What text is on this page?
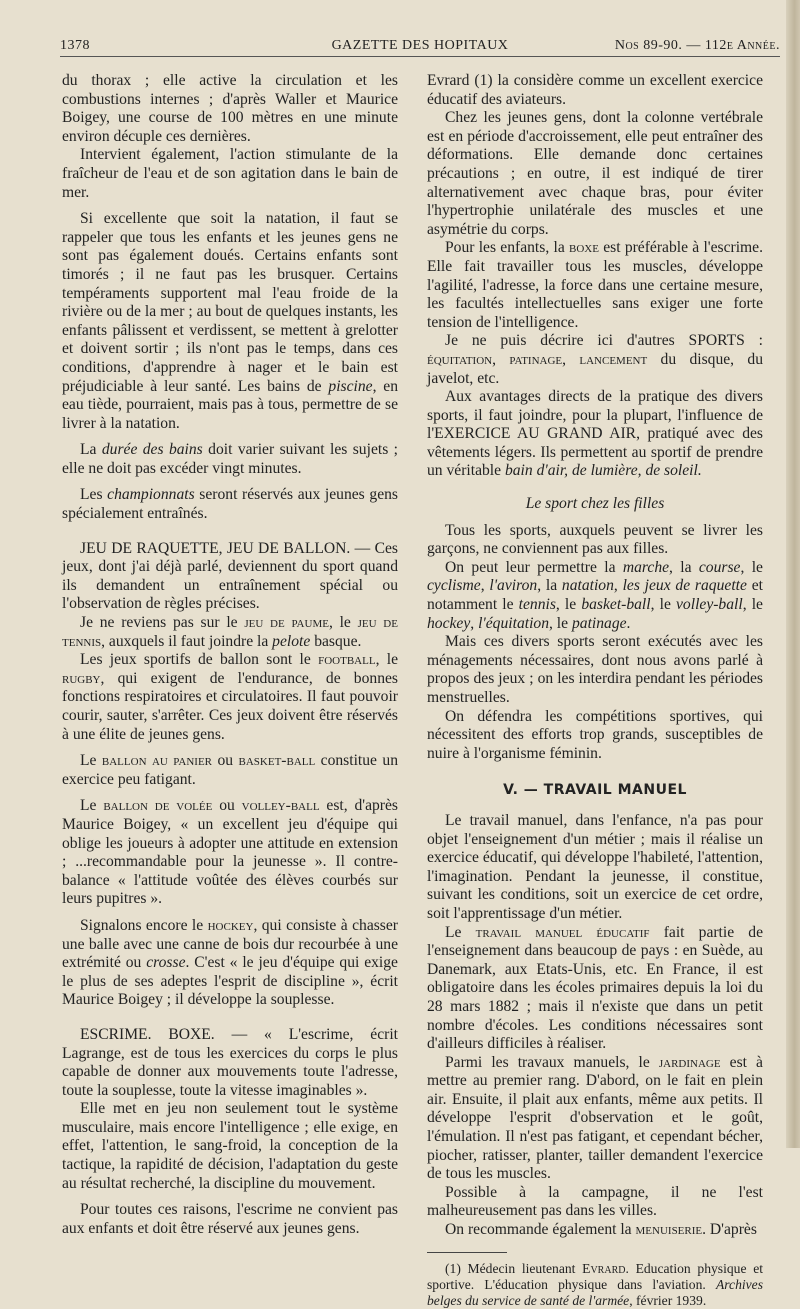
1378	GAZETTE DES HOPITAUX	Nos 89-90. — 112e Année.

du thorax ; elle active la circulation et les combustions internes ; d'après Waller et Maurice Boigey, une course de 100 mètres en une minute environ décuple ces dernières.

Intervient également, l'action stimulante de la fraîcheur de l'eau et de son agitation dans le bain de mer.

Si excellente que soit la natation, il faut se rappeler que tous les enfants et les jeunes gens ne sont pas également doués. Certains enfants sont timorés ; il ne faut pas les brusquer. Certains tempéraments supportent mal l'eau froide de la rivière ou de la mer ; au bout de quelques instants, les enfants pâlissent et verdissent, se mettent à grelotter et doivent sortir ; ils n'ont pas le temps, dans ces conditions, d'apprendre à nager et le bain est préjudiciable à leur santé. Les bains de piscine, en eau tiède, pourraient, mais pas à tous, permettre de se livrer à la natation.

La durée des bains doit varier suivant les sujets ; elle ne doit pas excéder vingt minutes.

Les championnats seront réservés aux jeunes gens spécialement entraînés.

JEU DE RAQUETTE, JEU DE BALLON. — Ces jeux, dont j'ai déjà parlé, deviennent du sport quand ils demandent un entraînement spécial ou l'observation de règles précises.

Je ne reviens pas sur le jeu de paume, le jeu de tennis, auxquels il faut joindre la pelote basque.

Les jeux sportifs de ballon sont le football, le rugby, qui exigent de l'endurance, de bonnes fonctions respiratoires et circulatoires. Il faut pouvoir courir, sauter, s'arrêter. Ces jeux doivent être réservés à une élite de jeunes gens.

Le ballon au panier ou basket-ball constitue un exercice peu fatigant.

Le ballon de volée ou volley-ball est, d'après Maurice Boigey, « un excellent jeu d'équipe qui oblige les joueurs à adopter une attitude en extension ; ...recommandable pour la jeunesse ». Il contre-balance « l'attitude voûtée des élèves courbés sur leurs pupitres ».

Signalons encore le hockey, qui consiste à chasser une balle avec une canne de bois dur recourbée à une extrémité ou crosse. C'est « le jeu d'équipe qui exige le plus de ses adeptes l'esprit de discipline », écrit Maurice Boigey ; il développe la souplesse.

ESCRIME. BOXE. — « L'escrime, écrit Lagrange, est de tous les exercices du corps le plus capable de donner aux mouvements toute l'adresse, toute la souplesse, toute la vitesse imaginables ».

Elle met en jeu non seulement tout le système musculaire, mais encore l'intelligence ; elle exige, en effet, l'attention, le sang-froid, la conception de la tactique, la rapidité de décision, l'adaptation du geste au résultat recherché, la discipline du mouvement.

Pour toutes ces raisons, l'escrime ne convient pas aux enfants et doit être réservé aux jeunes gens.

Evrard (1) la considère comme un excellent exercice éducatif des aviateurs.

Chez les jeunes gens, dont la colonne vertébrale est en période d'accroissement, elle peut entraîner des déformations. Elle demande donc certaines précautions ; en outre, il est indiqué de tirer alternativement avec chaque bras, pour éviter l'hypertrophie unilatérale des muscles et une asymétrie du corps.

Pour les enfants, la boxe est préférable à l'escrime. Elle fait travailler tous les muscles, développe l'agilité, l'adresse, la force dans une certaine mesure, les facultés intellectuelles sans exiger une forte tension de l'intelligence.

Je ne puis décrire ici d'autres SPORTS : équitation, patinage, lancement du disque, du javelot, etc.

Aux avantages directs de la pratique des divers sports, il faut joindre, pour la plupart, l'influence de l'EXERCICE AU GRAND AIR, pratiqué avec des vêtements légers. Ils permettent au sportif de prendre un véritable bain d'air, de lumière, de soleil.

Le sport chez les filles

Tous les sports, auxquels peuvent se livrer les garçons, ne conviennent pas aux filles.

On peut leur permettre la marche, la course, le cyclisme, l'aviron, la natation, les jeux de raquette et notamment le tennis, le basket-ball, le volley-ball, le hockey, l'équitation, le patinage.

Mais ces divers sports seront exécutés avec les ménagements nécessaires, dont nous avons parlé à propos des jeux ; on les interdira pendant les périodes menstruelles.

On défendra les compétitions sportives, qui nécessitent des efforts trop grands, susceptibles de nuire à l'organisme féminin.

V. — TRAVAIL MANUEL

Le travail manuel, dans l'enfance, n'a pas pour objet l'enseignement d'un métier ; mais il réalise un exercice éducatif, qui développe l'habileté, l'attention, l'imagination. Pendant la jeunesse, il constitue, suivant les conditions, soit un exercice de cet ordre, soit l'apprentissage d'un métier.

Le travail manuel éducatif fait partie de l'enseignement dans beaucoup de pays : en Suède, au Danemark, aux Etats-Unis, etc. En France, il est obligatoire dans les écoles primaires depuis la loi du 28 mars 1882 ; mais il n'existe que dans un petit nombre d'écoles. Les conditions nécessaires sont d'ailleurs difficiles à réaliser.

Parmi les travaux manuels, le jardinage est à mettre au premier rang. D'abord, on le fait en plein air. Ensuite, il plait aux enfants, même aux petits. Il développe l'esprit d'observation et le goût, l'émulation. Il n'est pas fatigant, et cependant bécher, piocher, ratisser, planter, tailler demandent l'exercice de tous les muscles.

Possible à la campagne, il ne l'est malheureusement pas dans les villes.

On recommande également la menuiserie. D'après

(1) Médecin lieutenant Evrard. Education physique et sportive. L'éducation physique dans l'aviation. Archives belges du service de santé de l'armée, février 1939.
